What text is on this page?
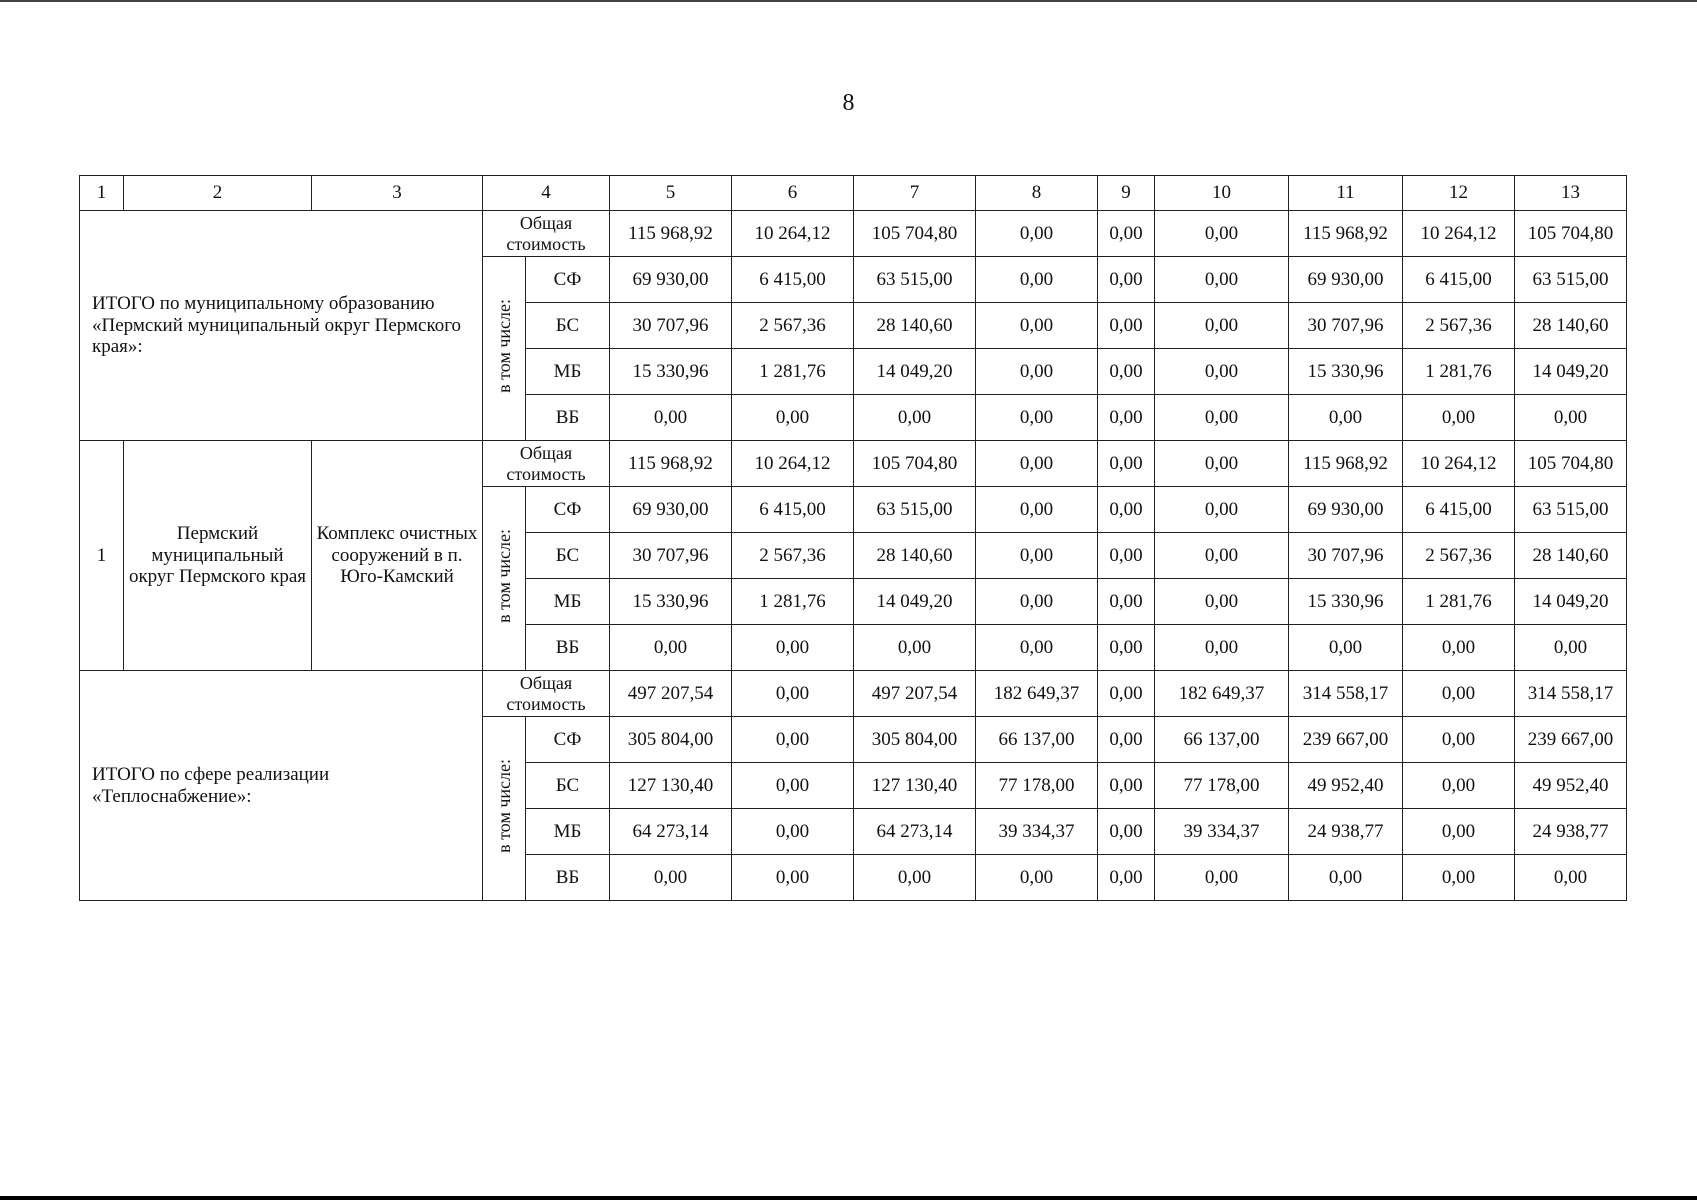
8
1	2	3	4		5	6	7	8	9	10	11	12	13
ИТОГО по муниципальному образованию «Пермский муниципальный округ Пермского края»:			Общая стоимость		115 968,92	10 264,12	105 704,80	0,00	0,00	0,00	115 968,92	10 264,12	105 704,80
			в том числе:	СФ	69 930,00	6 415,00	63 515,00	0,00	0,00	0,00	69 930,00	6 415,00	63 515,00
				БС	30 707,96	2 567,36	28 140,60	0,00	0,00	0,00	30 707,96	2 567,36	28 140,60
				МБ	15 330,96	1 281,76	14 049,20	0,00	0,00	0,00	15 330,96	1 281,76	14 049,20
				ВБ	0,00	0,00	0,00	0,00	0,00	0,00	0,00	0,00	0,00
1	Пермский муниципальный округ Пермского края	Комплекс очистных сооружений в п. Юго-Камский	Общая стоимость		115 968,92	10 264,12	105 704,80	0,00	0,00	0,00	115 968,92	10 264,12	105 704,80
			в том числе:	СФ	69 930,00	6 415,00	63 515,00	0,00	0,00	0,00	69 930,00	6 415,00	63 515,00
				БС	30 707,96	2 567,36	28 140,60	0,00	0,00	0,00	30 707,96	2 567,36	28 140,60
				МБ	15 330,96	1 281,76	14 049,20	0,00	0,00	0,00	15 330,96	1 281,76	14 049,20
				ВБ	0,00	0,00	0,00	0,00	0,00	0,00	0,00	0,00	0,00
ИТОГО по сфере реализации «Теплоснабжение»:			Общая стоимость		497 207,54	0,00	497 207,54	182 649,37	0,00	182 649,37	314 558,17	0,00	314 558,17
			в том числе:	СФ	305 804,00	0,00	305 804,00	66 137,00	0,00	66 137,00	239 667,00	0,00	239 667,00
				БС	127 130,40	0,00	127 130,40	77 178,00	0,00	77 178,00	49 952,40	0,00	49 952,40
				МБ	64 273,14	0,00	64 273,14	39 334,37	0,00	39 334,37	24 938,77	0,00	24 938,77
				ВБ	0,00	0,00	0,00	0,00	0,00	0,00	0,00	0,00	0,00
